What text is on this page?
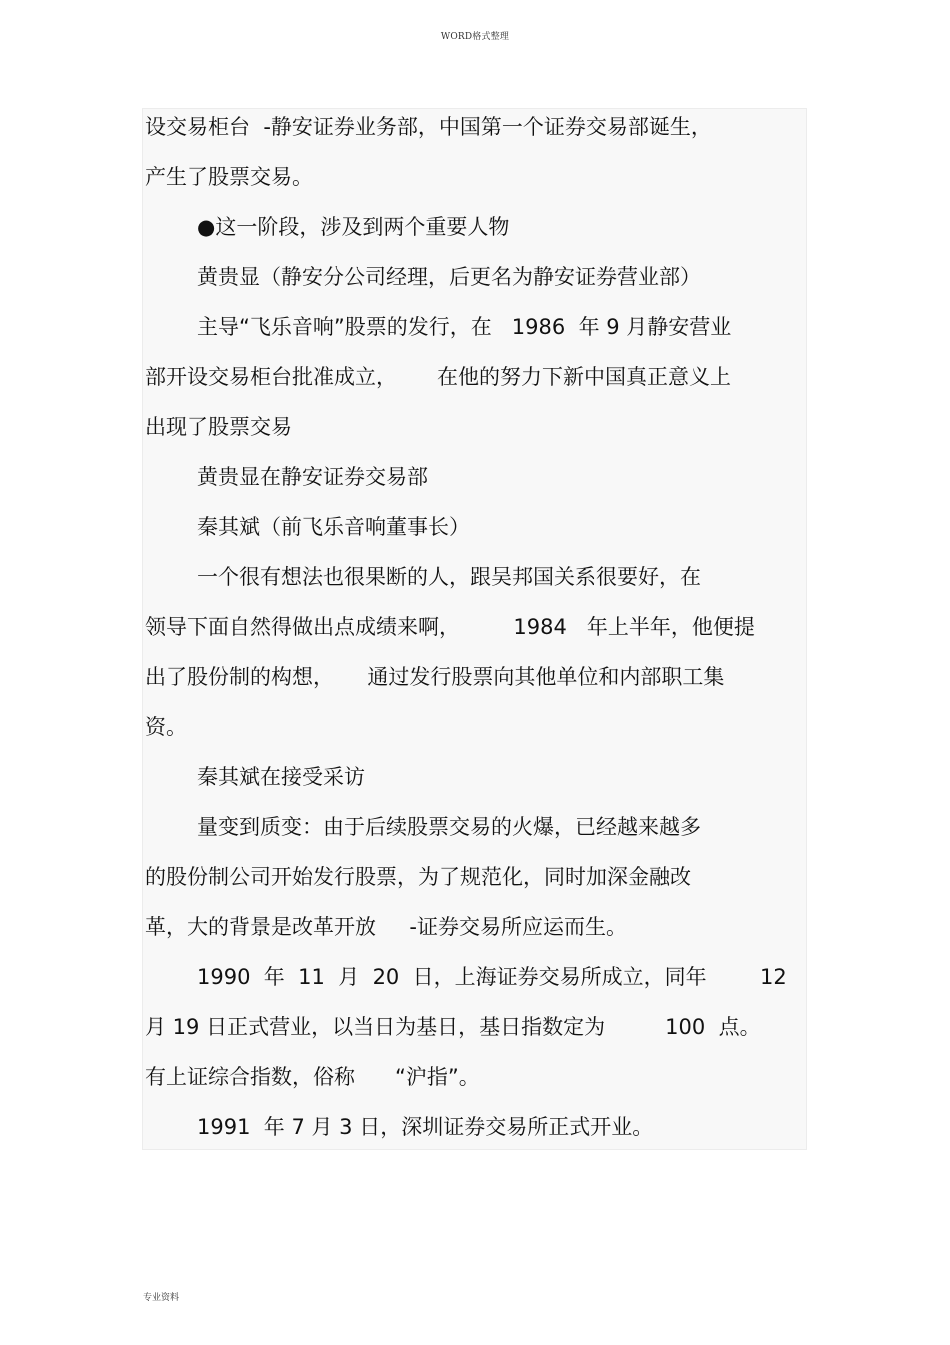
WORD格式整理
设交易柜台  -静安证券业务部，中国第一个证券交易部诞生，
产生了股票交易。
●这一阶段，涉及到两个重要人物
黄贵显（静安分公司经理，后更名为静安证券营业部）
主导“飞乐音响”股票的发行，在   1986  年 9 月静安营业
部开设交易柜台批准成立，      在他的努力下新中国真正意义上
出现了股票交易
黄贵显在静安证券交易部
秦其斌（前飞乐音响董事长）
一个很有想法也很果断的人，跟吴邦国关系很要好，在
领导下面自然得做出点成绩来啊，        1984   年上半年，他便提
出了股份制的构想，     通过发行股票向其他单位和内部职工集
资。
秦其斌在接受采访
量变到质变：由于后续股票交易的火爆，已经越来越多
的股份制公司开始发行股票，为了规范化，同时加深金融改
革，大的背景是改革开放     -证券交易所应运而生。
1990  年  11  月  20  日，上海证券交易所成立，同年        12
月 19 日正式营业，以当日为基日，基日指数定为         100  点。
有上证综合指数，俗称      “沪指”。
1991  年 7 月 3 日，深圳证券交易所正式开业。
专业资料
